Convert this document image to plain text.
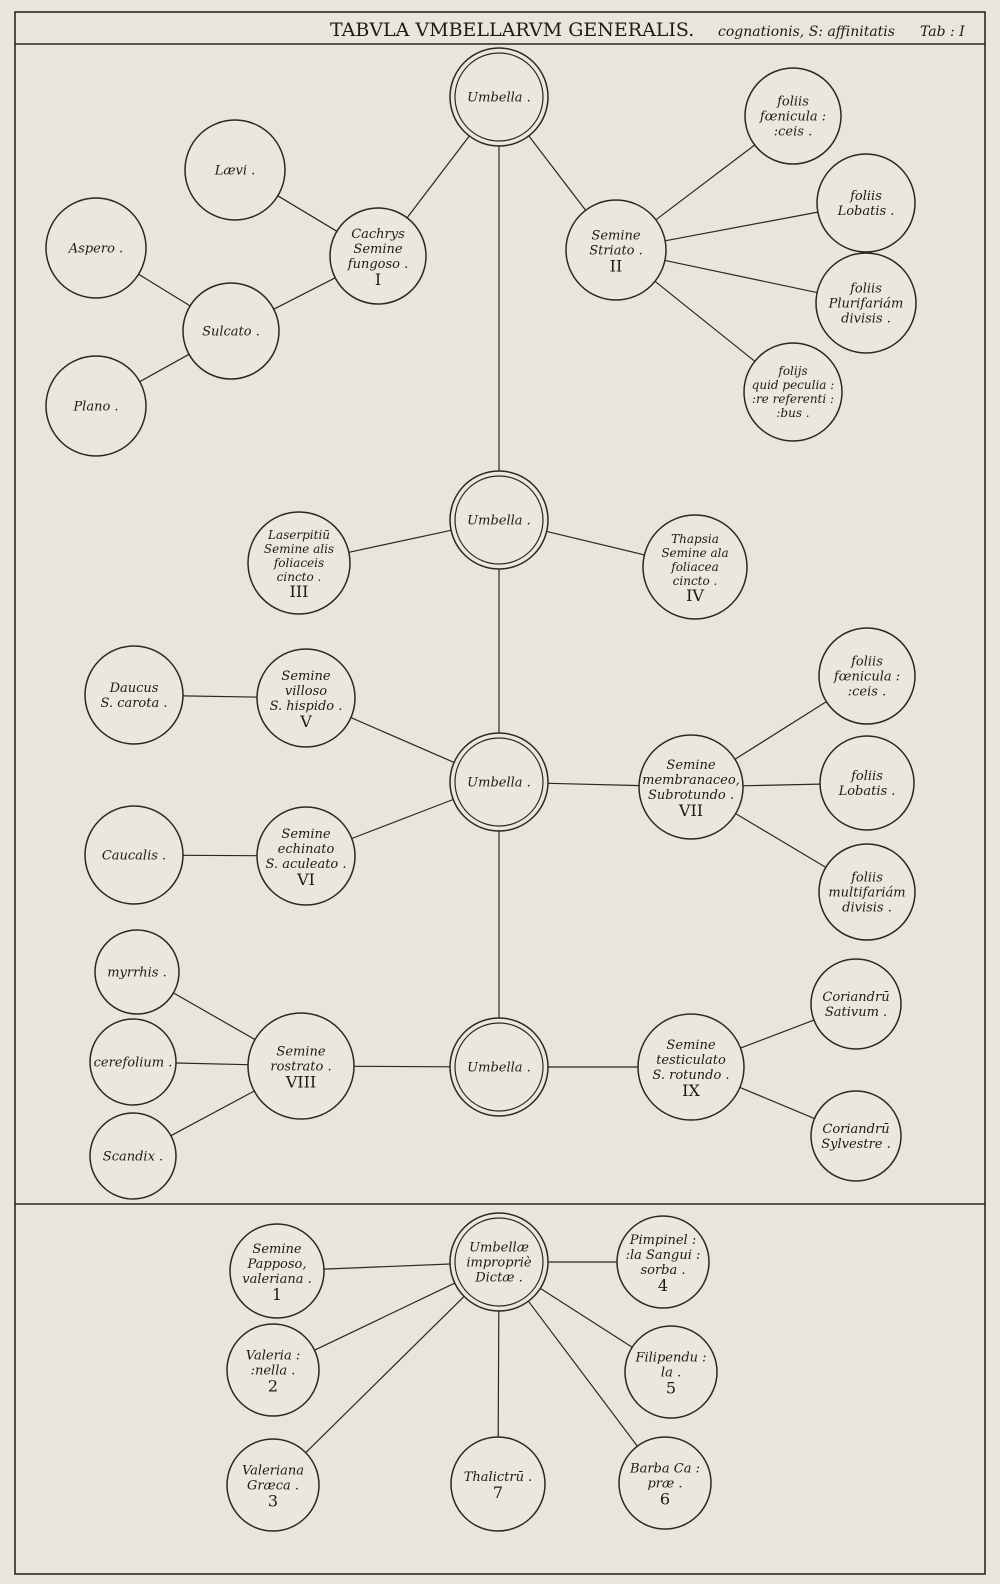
TABVLA VMBELLARVM GENERALIS. cognationis, S: affinitatis Tab : I
Umbella .
Cachrys
Semine
fungoso .
I
Lævi .
Sulcato .
Aspero .
Plano .
Semine
Striato .
II
foliis
fœnicula :
:ceis .
foliis
Lobatis .
foliis
Plurifariám
divisis .
folijs
quid peculia :
:re referenti :
:bus .
Umbella .
Laserpitiū
Semine alis
foliaceis
cincto .
III
Thapsia
Semine ala
foliacea
cincto .
IV
Umbella .
Semine
villoso
S. hispido .
V
Daucus
S. carota .
Semine
echinato
S. aculeato .
VI
Caucalis .
Semine
membranaceo,
Subrotundo .
VII
foliis
fœnicula :
:ceis .
foliis
Lobatis .
foliis
multifariám
divisis .
Umbella .
Semine
rostrato .
VIII
myrrhis .
cerefolium .
Scandix .
Semine
testiculato
S. rotundo .
IX
Coriandrū
Sativum .
Coriandrū
Sylvestre .
Umbellæ
impropriè
Dictæ .
Semine
Papposo,
valeriana .
1
Valeria :
:nella .
2
Valeriana
Græca .
3
Pimpinel :
:la Sangui :
sorba .
4
Filipendu :
la .
5
Barba Ca :
præ .
6
Thalictrū .
7
